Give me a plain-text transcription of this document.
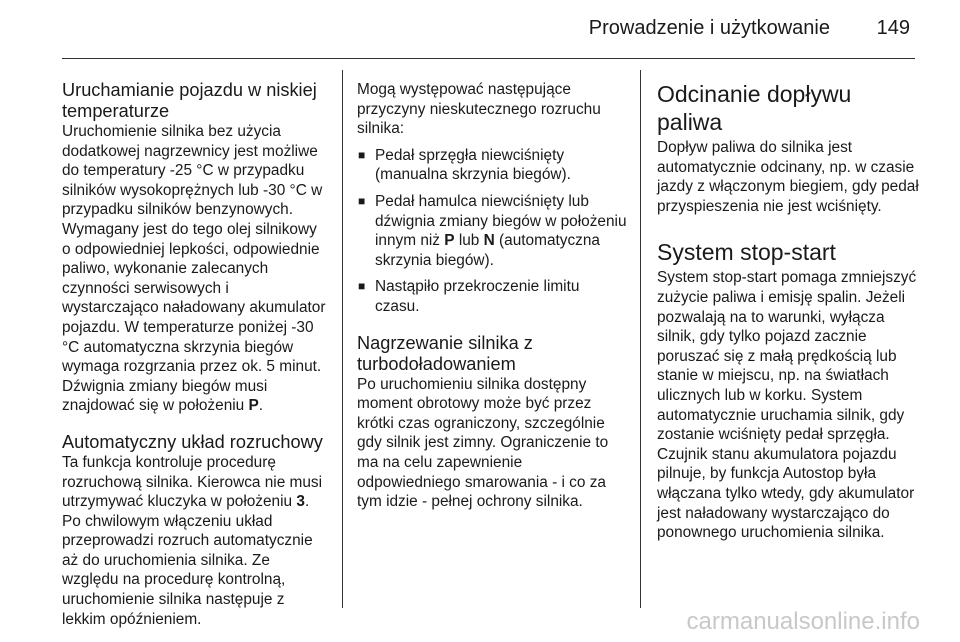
Prowadzenie i użytkowanie 149
Uruchamianie pojazdu w niskiej temperaturze

Uruchomienie silnika bez użycia dodatkowej nagrzewnicy jest możliwe do temperatury -25 °C w przypadku silników wysokoprężnych lub -30 °C w przypadku silników benzynowych. Wymagany jest do tego olej silnikowy o odpowiedniej lepkości, odpowiednie paliwo, wykonanie zalecanych czynności serwisowych i wystarczająco naładowany akumulator pojazdu. W temperaturze poniżej -30 °C automatyczna skrzynia biegów wymaga rozgrzania przez ok. 5 minut. Dźwignia zmiany biegów musi znajdować się w położeniu P.

Automatyczny układ rozruchowy

Ta funkcja kontroluje procedurę rozruchową silnika. Kierowca nie musi utrzymywać kluczyka w położeniu 3. Po chwilowym włączeniu układ przeprowadzi rozruch automatycznie aż do uruchomienia silnika. Ze względu na procedurę kontrolną, uruchomienie silnika następuje z lekkim opóźnieniem.

Mogą występować następujące przyczyny nieskutecznego rozruchu silnika:

■ Pedał sprzęgła niewciśnięty (manualna skrzynia biegów).
■ Pedał hamulca niewciśnięty lub dźwignia zmiany biegów w położeniu innym niż P lub N (automatyczna skrzynia biegów).
■ Nastąpiło przekroczenie limitu czasu.
Nagrzewanie silnika z turbodoładowaniem

Po uruchomieniu silnika dostępny moment obrotowy może być przez krótki czas ograniczony, szczególnie gdy silnik jest zimny. Ograniczenie to ma na celu zapewnienie odpowiedniego smarowania - i co za tym idzie - pełnej ochrony silnika.

Odcinanie dopływu paliwa

Dopływ paliwa do silnika jest automatycznie odcinany, np. w czasie jazdy z włączonym biegiem, gdy pedał przyspieszenia nie jest wciśnięty.

System stop-start

System stop-start pomaga zmniejszyć zużycie paliwa i emisję spalin. Jeżeli pozwalają na to warunki, wyłącza silnik, gdy tylko pojazd zacznie poruszać się z małą prędkością lub stanie w miejscu, np. na światłach ulicznych lub w korku. System automatycznie uruchamia silnik, gdy zostanie wciśnięty pedał sprzęgła. Czujnik stanu akumulatora pojazdu pilnuje, by funkcja Autostop była włączana tylko wtedy, gdy akumulator jest naładowany wystarczająco do ponownego uruchomienia silnika.

carmanualsonline.info
